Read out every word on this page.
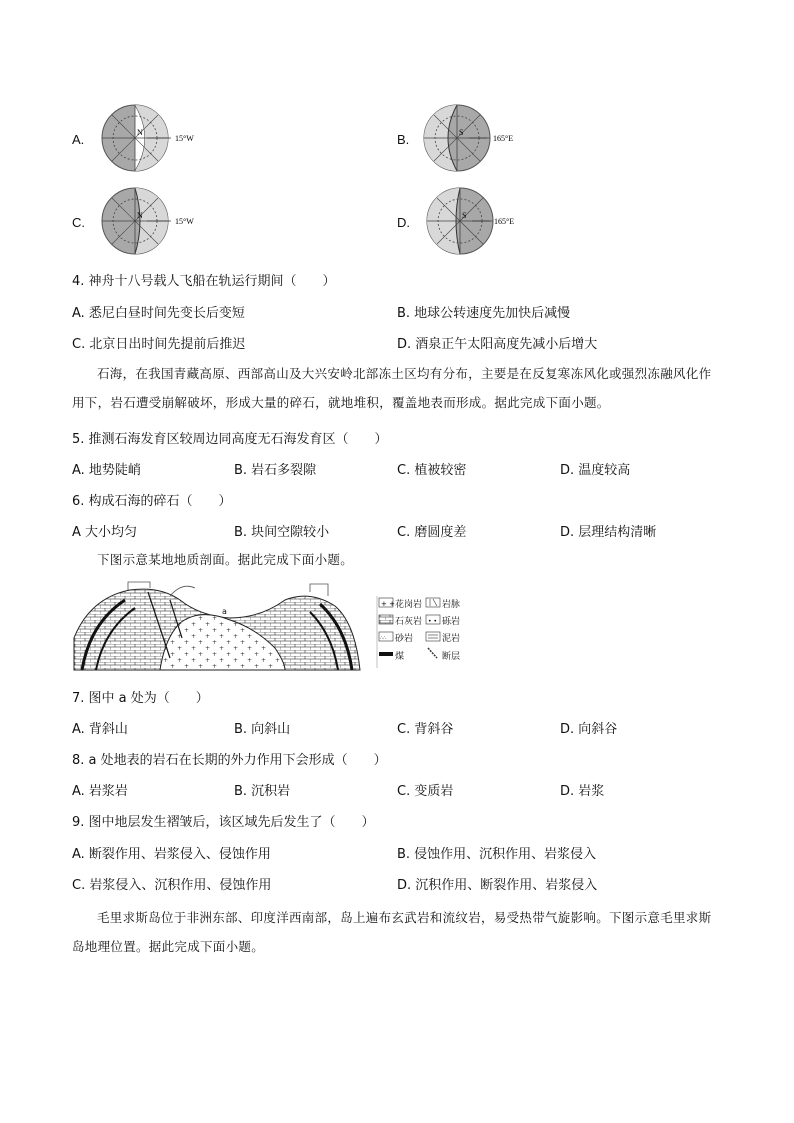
A.	N
15°W	B.	S
165°E
C.	N
15°W	D.	S
165°E
4. 神舟十八号载人飞船在轨运行期间（　　）
A. 悉尼白昼时间先变长后变短	B. 地球公转速度先加快后减慢
C. 北京日出时间先提前后推迟	D. 酒泉正午太阳高度先减小后增大
石海，在我国青藏高原、西部高山及大兴安岭北部冻土区均有分布，主要是在反复寒冻风化或强烈冻融风化作用下，岩石遭受崩解破坏，形成大量的碎石，就地堆积，覆盖地表而形成。据此完成下面小题。
5. 推测石海发育区较周边同高度无石海发育区（　　）
A. 地势陡峭	B. 岩石多裂隙	C. 植被较密	D. 温度较高
6. 构成石海的碎石（　　）
A 大小均匀	B. 块间空隙较小	C. 磨圆度差	D. 层理结构清晰
下图示意某地地质剖面。据此完成下面小题。
a
+ +
• •
∴∴
花岗岩 岩脉
石灰岩 砾岩
砂岩	泥岩
煤	断层
7. 图中 a 处为（　　）
A. 背斜山	B. 向斜山	C. 背斜谷	D. 向斜谷
8. a 处地表的岩石在长期的外力作用下会形成（　　）
A. 岩浆岩	B. 沉积岩	C. 变质岩	D. 岩浆
9. 图中地层发生褶皱后，该区域先后发生了（　　）
A. 断裂作用、岩浆侵入、侵蚀作用	B. 侵蚀作用、沉积作用、岩浆侵入
C. 岩浆侵入、沉积作用、侵蚀作用	D. 沉积作用、断裂作用、岩浆侵入
毛里求斯岛位于非洲东部、印度洋西南部，岛上遍布玄武岩和流纹岩，易受热带气旋影响。下图示意毛里求斯岛地理位置。据此完成下面小题。
